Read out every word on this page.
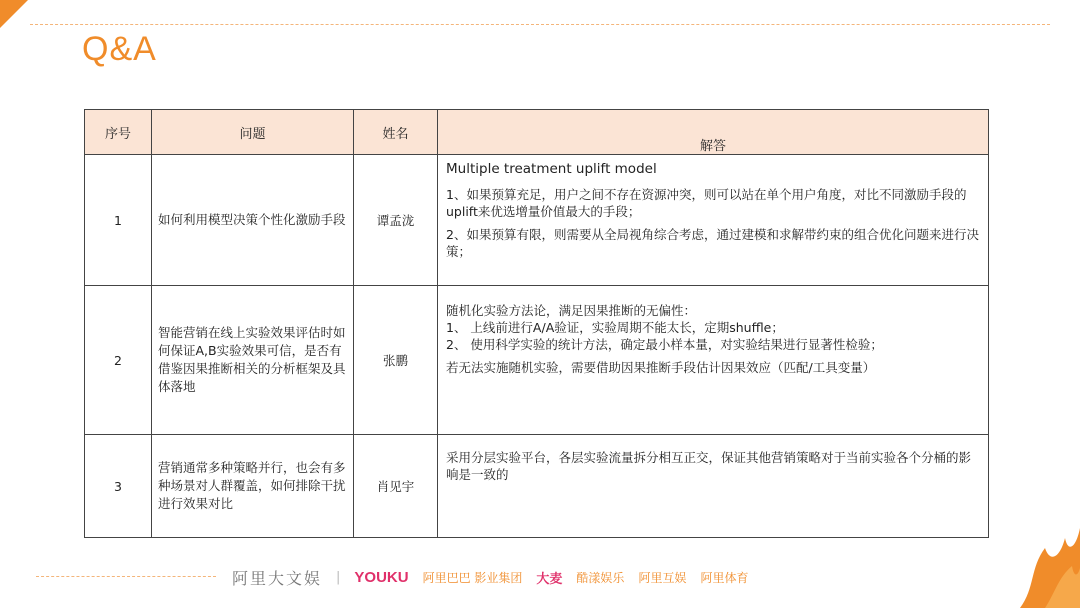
Q&A
序号	问题	姓名	解答
1	如何利用模型决策个性化激励手段	谭孟泷	Multiple treatment uplift model

1、如果预算充足，用户之间不存在资源冲突，则可以站在单个用户角度，对比不同激励手段的uplift来优选增量价值最大的手段；

2、如果预算有限，则需要从全局视角综合考虑，通过建模和求解带约束的组合优化问题来进行决策；

2	智能营销在线上实验效果评估时如何保证A,B实验效果可信，是否有借鉴因果推断相关的分析框架及具体落地	张鹏	随机化实验方法论，满足因果推断的无偏性：

1、 上线前进行A/A验证，实验周期不能太长，定期shuffle；

2、 使用科学实验的统计方法，确定最小样本量，对实验结果进行显著性检验；

若无法实施随机实验，需要借助因果推断手段估计因果效应（匹配/工具变量）

3	营销通常多种策略并行，也会有多种场景对人群覆盖，如何排除干扰进行效果对比	肖见宇	采用分层实验平台，各层实验流量拆分相互正交，保证其他营销策略对于当前实验各个分桶的影响是一致的

阿里大文娱 | YOUKU 阿里巴巴 影业集团 大麦 酷漾娱乐 阿里互娱 阿里体育
